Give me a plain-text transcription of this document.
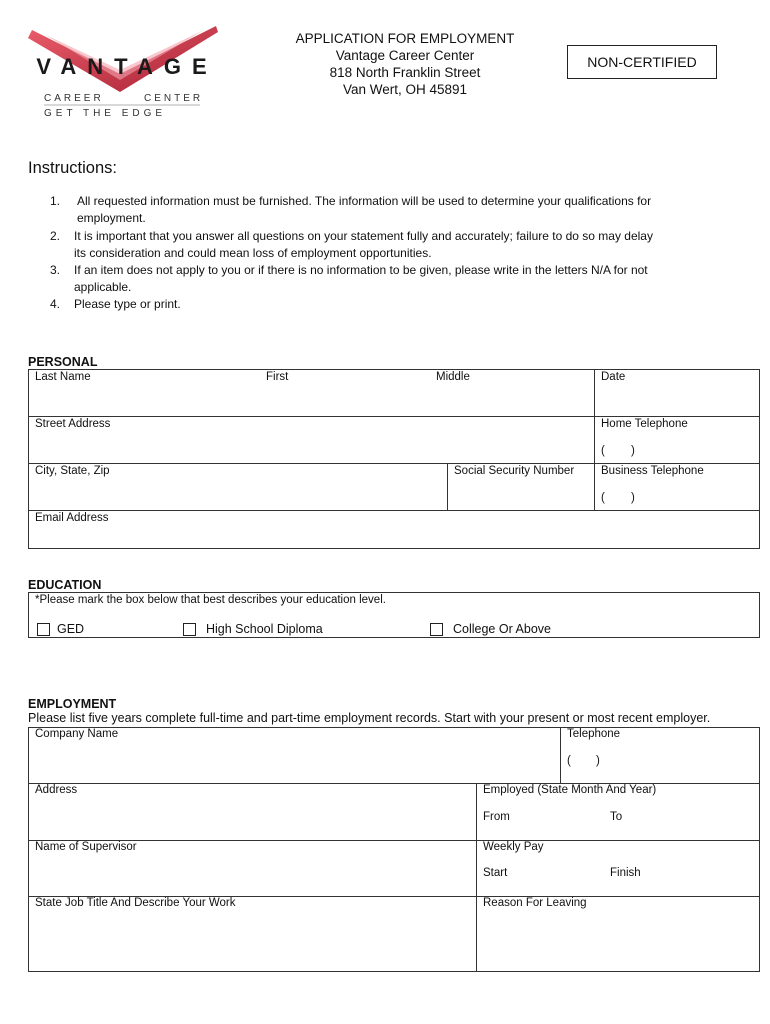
VANTAGE
CAREER	CENTER
GET THE EDGE
APPLICATION FOR EMPLOYMENT
Vantage Career Center
818 North Franklin Street
Van Wert, OH 45891
NON-CERTIFIED
Instructions:
1.	All requested information must be furnished. The information will be used to determine your qualifications for employment.
2.	It is important that you answer all questions on your statement fully and accurately; failure to do so may delay its consideration and could mean loss of employment opportunities.
3.	If an item does not apply to you or if there is no information to be given, please write in the letters N/A for not applicable.
4.	Please type or print.
PERSONAL
Last Name	First	Middle	Date
Street Address	Home Telephone
( )
City, State, Zip	Social Security Number Business Telephone
( )
Email Address
EDUCATION
*Please mark the box below that best describes your education level.
GED	High School Diploma	College Or Above
EMPLOYMENT
Please list five years complete full-time and part-time employment records. Start with your present or most recent employer.
Company Name	Telephone
( )
Address	Employed (State Month And Year)
From	To
Name of Supervisor	Weekly Pay
Start	Finish
State Job Title And Describe Your Work	Reason For Leaving
